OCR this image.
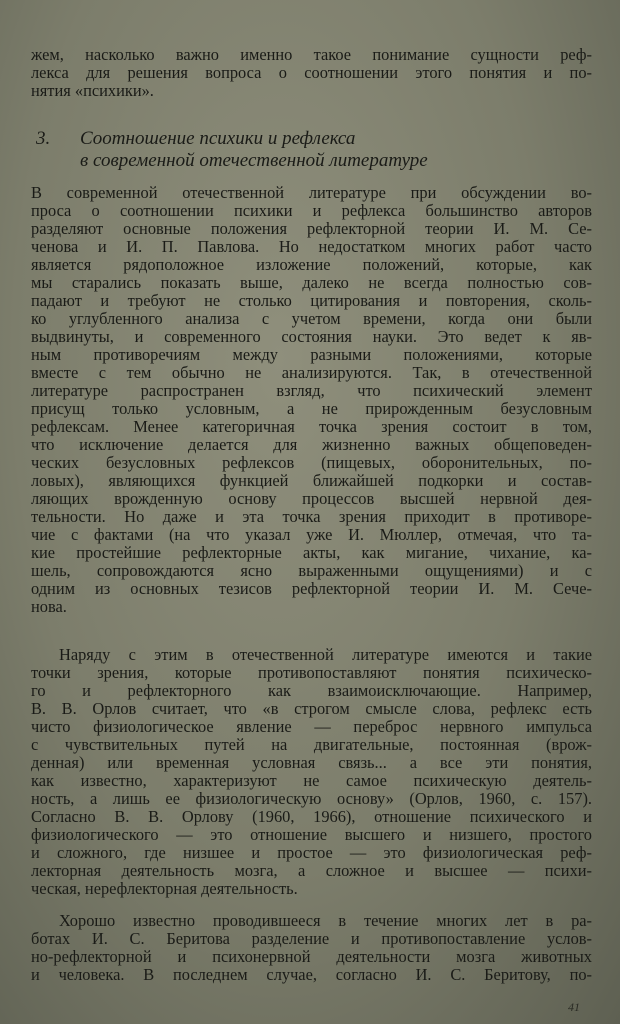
жем, насколько важно именно такое понимание сущности реф-
лекса для решения вопроса о соотношении этого понятия и по-
нятия «психики».
3. Соотношение психики и рефлекса
в современной отечественной литературе
В современной отечественной литературе при обсуждении во-
проса о соотношении психики и рефлекса большинство авторов
разделяют основные положения рефлекторной теории И. М. Се-
ченова и И. П. Павлова. Но недостатком многих работ часто
является рядоположное изложение положений, которые, как
мы старались показать выше, далеко не всегда полностью сов-
падают и требуют не столько цитирования и повторения, сколь-
ко углубленного анализа с учетом времени, когда они были
выдвинуты, и современного состояния науки. Это ведет к яв-
ным противоречиям между разными положениями, которые
вместе с тем обычно не анализируются. Так, в отечественной
литературе распространен взгляд, что психический элемент
присущ только условным, а не прирожденным безусловным
рефлексам. Менее категоричная точка зрения состоит в том,
что исключение делается для жизненно важных общеповеден-
ческих безусловных рефлексов (пищевых, оборонительных, по-
ловых), являющихся функцией ближайшей подкорки и состав-
ляющих врожденную основу процессов высшей нервной дея-
тельности. Но даже и эта точка зрения приходит в противоре-
чие с фактами (на что указал уже И. Мюллер, отмечая, что та-
кие простейшие рефлекторные акты, как мигание, чихание, ка-
шель, сопровождаются ясно выраженными ощущениями) и с
одним из основных тезисов рефлекторной теории И. М. Сече-
нова.
Наряду с этим в отечественной литературе имеются и такие
точки зрения, которые противопоставляют понятия психическо-
го и рефлекторного как взаимоисключающие. Например,
В. В. Орлов считает, что «в строгом смысле слова, рефлекс есть
чисто физиологическое явление — переброс нервного импульса
с чувствительных путей на двигательные, постоянная (врож-
денная) или временная условная связь... а все эти понятия,
как известно, характеризуют не самое психическую деятель-
ность, а лишь ее физиологическую основу» (Орлов, 1960, с. 157).
Согласно В. В. Орлову (1960, 1966), отношение психического и
физиологического — это отношение высшего и низшего, простого
и сложного, где низшее и простое — это физиологическая реф-
лекторная деятельность мозга, а сложное и высшее — психи-
ческая, нерефлекторная деятельность.
Хорошо известно проводившееся в течение многих лет в ра-
ботах И. С. Беритова разделение и противопоставление услов-
но-рефлекторной и психонервной деятельности мозга животных
и человека. В последнем случае, согласно И. С. Беритову, по-
41
